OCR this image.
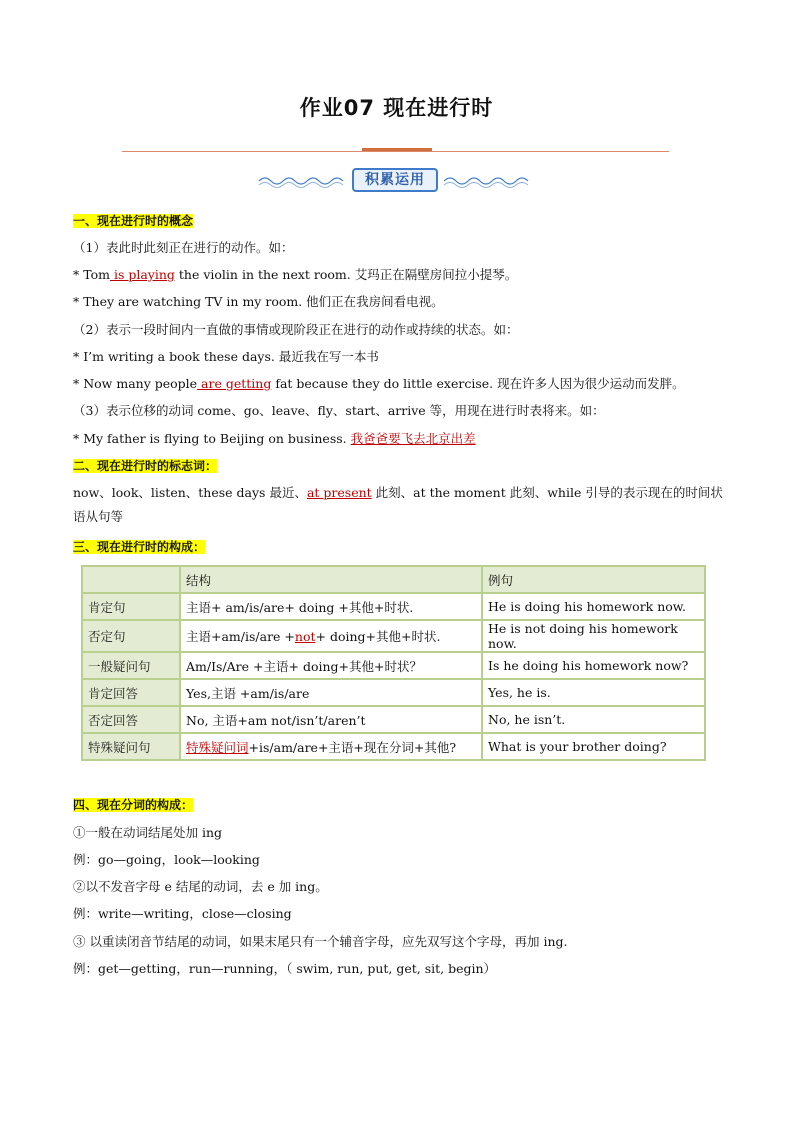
作业07 现在进行时
积累运用
一、现在进行时的概念
（1）表此时此刻正在进行的动作。如：
* Tom is playing the violin in the next room. 艾玛正在隔壁房间拉小提琴。
* They are watching TV in my room. 他们正在我房间看电视。
（2）表示一段时间内一直做的事情或现阶段正在进行的动作或持续的状态。如：
* I’m writing a book these days. 最近我在写一本书
* Now many people are getting fat because they do little exercise. 现在许多人因为很少运动而发胖。
（3）表示位移的动词 come、go、leave、fly、start、arrive 等，用现在进行时表将来。如：
* My father is flying to Beijing on business. 我爸爸要飞去北京出差
二、现在进行时的标志词：
now、look、listen、these days 最近、at present 此刻、at the moment 此刻、while 引导的表示现在的时间状语从句等
三、现在进行时的构成：
	结构	例句
肯定句	主语+ am/is/are+ doing +其他+时状.	He is doing his homework now.
否定句	主语+am/is/are +not+ doing+其他+时状.	He is not doing his homework now.
一般疑问句	Am/Is/Are +主语+ doing+其他+时状？	Is he doing his homework now?
肯定回答	Yes,主语 +am/is/are	Yes, he is.
否定回答	No, 主语+am not/isn’t/aren’t	No, he isn’t.
特殊疑问句	特殊疑问词+is/am/are+主语+现在分词+其他?	What is your brother doing?
四、现在分词的构成：
①一般在动词结尾处加 ing
例：go—going，look—looking
②以不发音字母 e 结尾的动词，去 e 加 ing。
例：write—writing，close—closing
③ 以重读闭音节结尾的动词，如果末尾只有一个辅音字母，应先双写这个字母，再加 ing.
例：get—getting，run—running，（ swim, run, put, get, sit, begin）
